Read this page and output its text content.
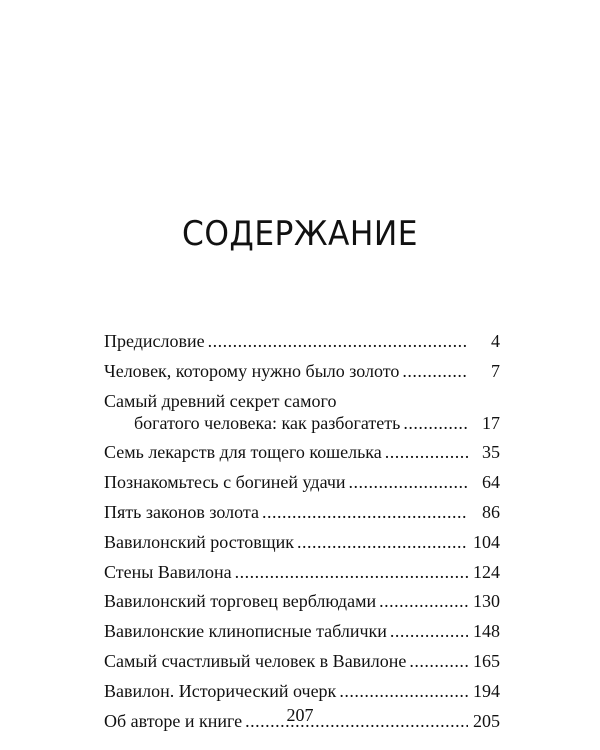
СОДЕРЖАНИЕ
Предисловие .....	4
Человек, которому нужно было золото .....	7
Самый древний секрет самого
богатого человека: как разбогатеть .....	17
Семь лекарств для тощего кошелька .....	35
Познакомьтесь с богиней удачи .....	64
Пять законов золота .....	86
Вавилонский ростовщик .....	104
Стены Вавилона .....	124
Вавилонский торговец верблюдами .....	130
Вавилонские клинописные таблички .....	148
Самый счастливый человек в Вавилоне .....	165
Вавилон. Исторический очерк .....	194
Об авторе и книге .....	205

207
